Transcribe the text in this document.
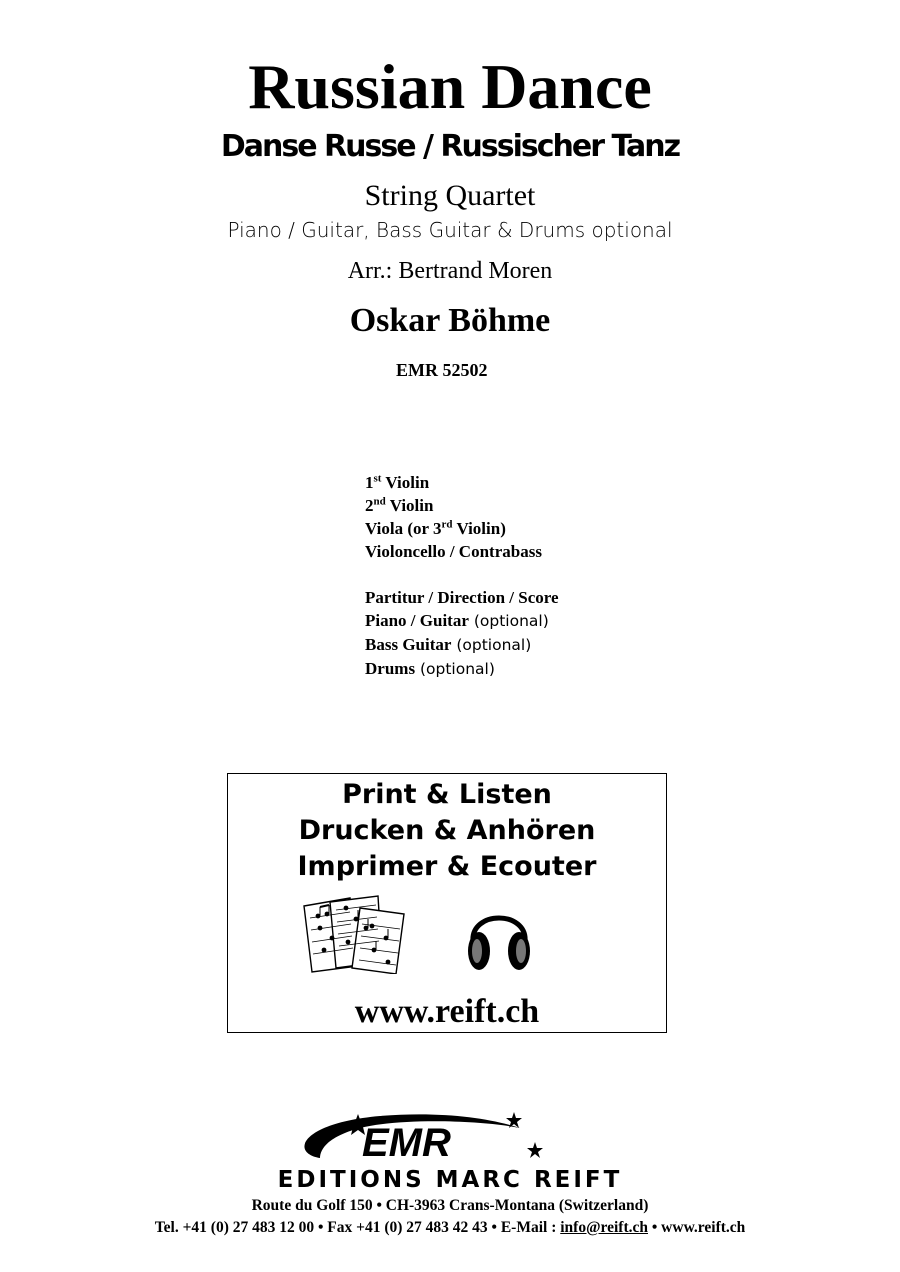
Russian Dance
Danse Russe / Russischer Tanz
String Quartet
Piano / Guitar, Bass Guitar & Drums optional
Arr.: Bertrand Moren
Oskar Böhme
EMR 52502
1st Violin
2nd Violin
Viola (or 3rd Violin)
Violoncello / Contrabass
Partitur / Direction / Score
Piano / Guitar (optional)
Bass Guitar (optional)
Drums (optional)
Print & Listen
Drucken & Anhören
Imprimer & Ecouter
www.reift.ch
EMR
EDITIONS MARC REIFT
Route du Golf 150 • CH-3963 Crans-Montana (Switzerland)
Tel. +41 (0) 27 483 12 00 • Fax +41 (0) 27 483 42 43 • E-Mail : info@reift.ch • www.reift.ch
